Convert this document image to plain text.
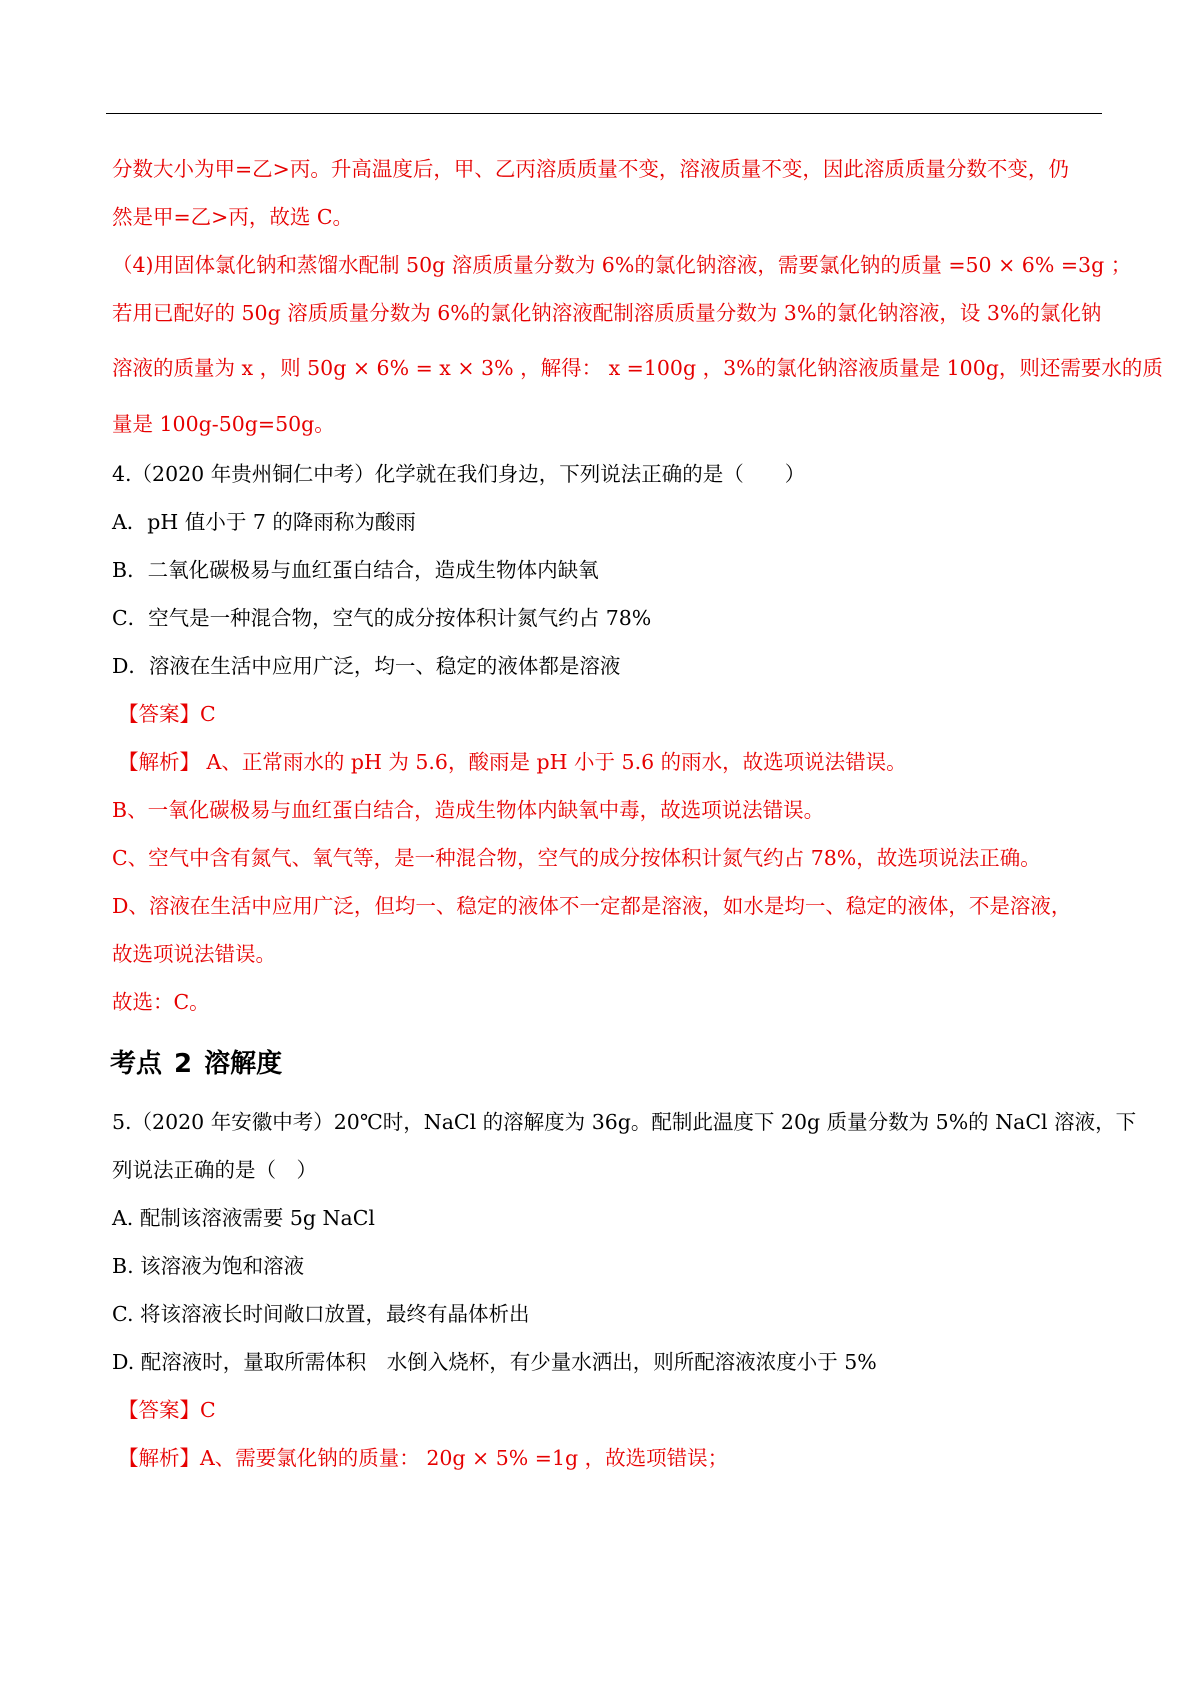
分数大小为甲=乙>丙。升高温度后，甲、乙丙溶质质量不变，溶液质量不变，因此溶质质量分数不变，仍
然是甲=乙>丙，故选 C。
（4)用固体氯化钠和蒸馏水配制 50g 溶质质量分数为 6%的氯化钠溶液，需要氯化钠的质量 =50 × 6% =3g ；
若用已配好的 50g 溶质质量分数为 6%的氯化钠溶液配制溶质质量分数为 3%的氯化钠溶液，设 3%的氯化钠
溶液的质量为 x ，则 50g × 6% = x × 3% ，解得： x =100g ，3%的氯化钠溶液质量是 100g，则还需要水的质
量是 100g-50g=50g。
4.（2020 年贵州铜仁中考）化学就在我们身边，下列说法正确的是（　　）
A．pH 值小于 7 的降雨称为酸雨
B．二氧化碳极易与血红蛋白结合，造成生物体内缺氧
C．空气是一种混合物，空气的成分按体积计氮气约占 78%
D．溶液在生活中应用广泛，均一、稳定的液体都是溶液
【答案】C
【解析】 A、正常雨水的 pH 为 5.6，酸雨是 pH 小于 5.6 的雨水，故选项说法错误。
B、一氧化碳极易与血红蛋白结合，造成生物体内缺氧中毒，故选项说法错误。
C、空气中含有氮气、氧气等，是一种混合物，空气的成分按体积计氮气约占 78%，故选项说法正确。
D、溶液在生活中应用广泛，但均一、稳定的液体不一定都是溶液，如水是均一、稳定的液体，不是溶液，
故选项说法错误。
故选：C。
考点 2 溶解度
5.（2020 年安徽中考）20℃时，NaCl 的溶解度为 36g。配制此温度下 20g 质量分数为 5%的 NaCl 溶液，下
列说法正确的是（　）
A. 配制该溶液需要 5g NaCl
B. 该溶液为饱和溶液
C. 将该溶液长时间敞口放置，最终有晶体析出
D. 配溶液时，量取所需体积　水倒入烧杯，有少量水洒出，则所配溶液浓度小于 5%
【答案】C
【解析】A、需要氯化钠的质量： 20g × 5% =1g ，故选项错误；
